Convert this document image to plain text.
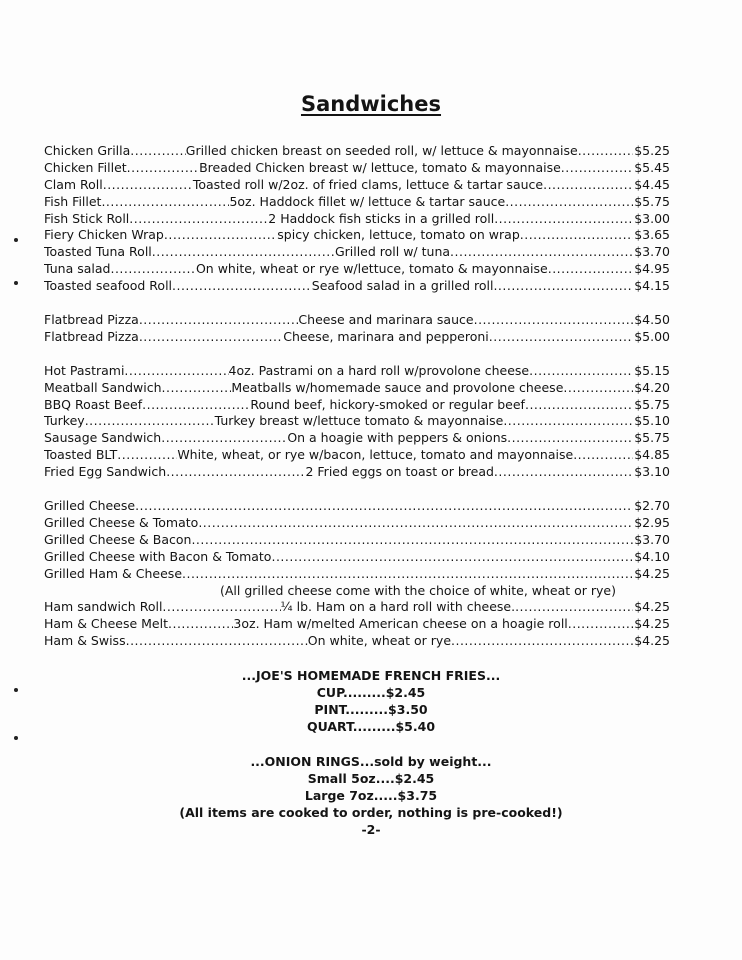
Sandwiches
Chicken Grilla .....	Grilled chicken breast on seeded roll, w/ lettuce & mayonnaise .....	$5.25
Chicken Fillet .....	Breaded Chicken breast w/ lettuce, tomato & mayonnaise .....	$5.45
Clam Roll .....	Toasted roll w/2oz. of fried clams, lettuce & tartar sauce .....	$4.45
Fish Fillet .....	5oz. Haddock fillet w/ lettuce & tartar sauce .....	$5.75
Fish Stick Roll .....	2 Haddock fish sticks in a grilled roll .....	$3.00
Fiery Chicken Wrap .....	spicy chicken, lettuce, tomato on wrap .....	$3.65
Toasted Tuna Roll .....	Grilled roll w/ tuna .....	$3.70
Tuna salad .....	On white, wheat or rye w/lettuce, tomato & mayonnaise .....	$4.95
Toasted seafood Roll .....	Seafood salad in a grilled roll .....	$4.15
Flatbread Pizza .....	Cheese and marinara sauce .....	$4.50
Flatbread Pizza .....	Cheese, marinara and pepperoni .....	$5.00
Hot Pastrami .....	4oz. Pastrami on a hard roll w/provolone cheese .....	$5.15
Meatball Sandwich .....	Meatballs w/homemade sauce and provolone cheese .....	$4.20
BBQ Roast Beef .....	Round beef, hickory-smoked or regular beef .....	$5.75
Turkey .....	Turkey breast w/lettuce tomato & mayonnaise .....	$5.10
Sausage Sandwich .....	On a hoagie with peppers & onions .....	$5.75
Toasted BLT .....	White, wheat, or rye w/bacon, lettuce, tomato and mayonnaise .....	$4.85
Fried Egg Sandwich .....	2 Fried eggs on toast or bread .....	$3.10
Grilled Cheese .....	$2.70
Grilled Cheese & Tomato .....	$2.95
Grilled Cheese & Bacon .....	$3.70
Grilled Cheese with Bacon & Tomato .....	$4.10
Grilled Ham & Cheese .....	$4.25
(All grilled cheese come with the choice of white, wheat or rye)
Ham sandwich Roll .....	¼ lb. Ham on a hard roll with cheese. .....	$4.25
Ham & Cheese Melt .....	3oz. Ham w/melted American cheese on a hoagie roll .....	$4.25
Ham & Swiss .....	On white, wheat or rye .....	$4.25
...JOE'S HOMEMADE FRENCH FRIES...
CUP.........$2.45
PINT.........$3.50
QUART.........$5.40
...ONION RINGS...sold by weight...
Small 5oz....$2.45
Large 7oz.....$3.75
(All items are cooked to order, nothing is pre-cooked!)
-2-
